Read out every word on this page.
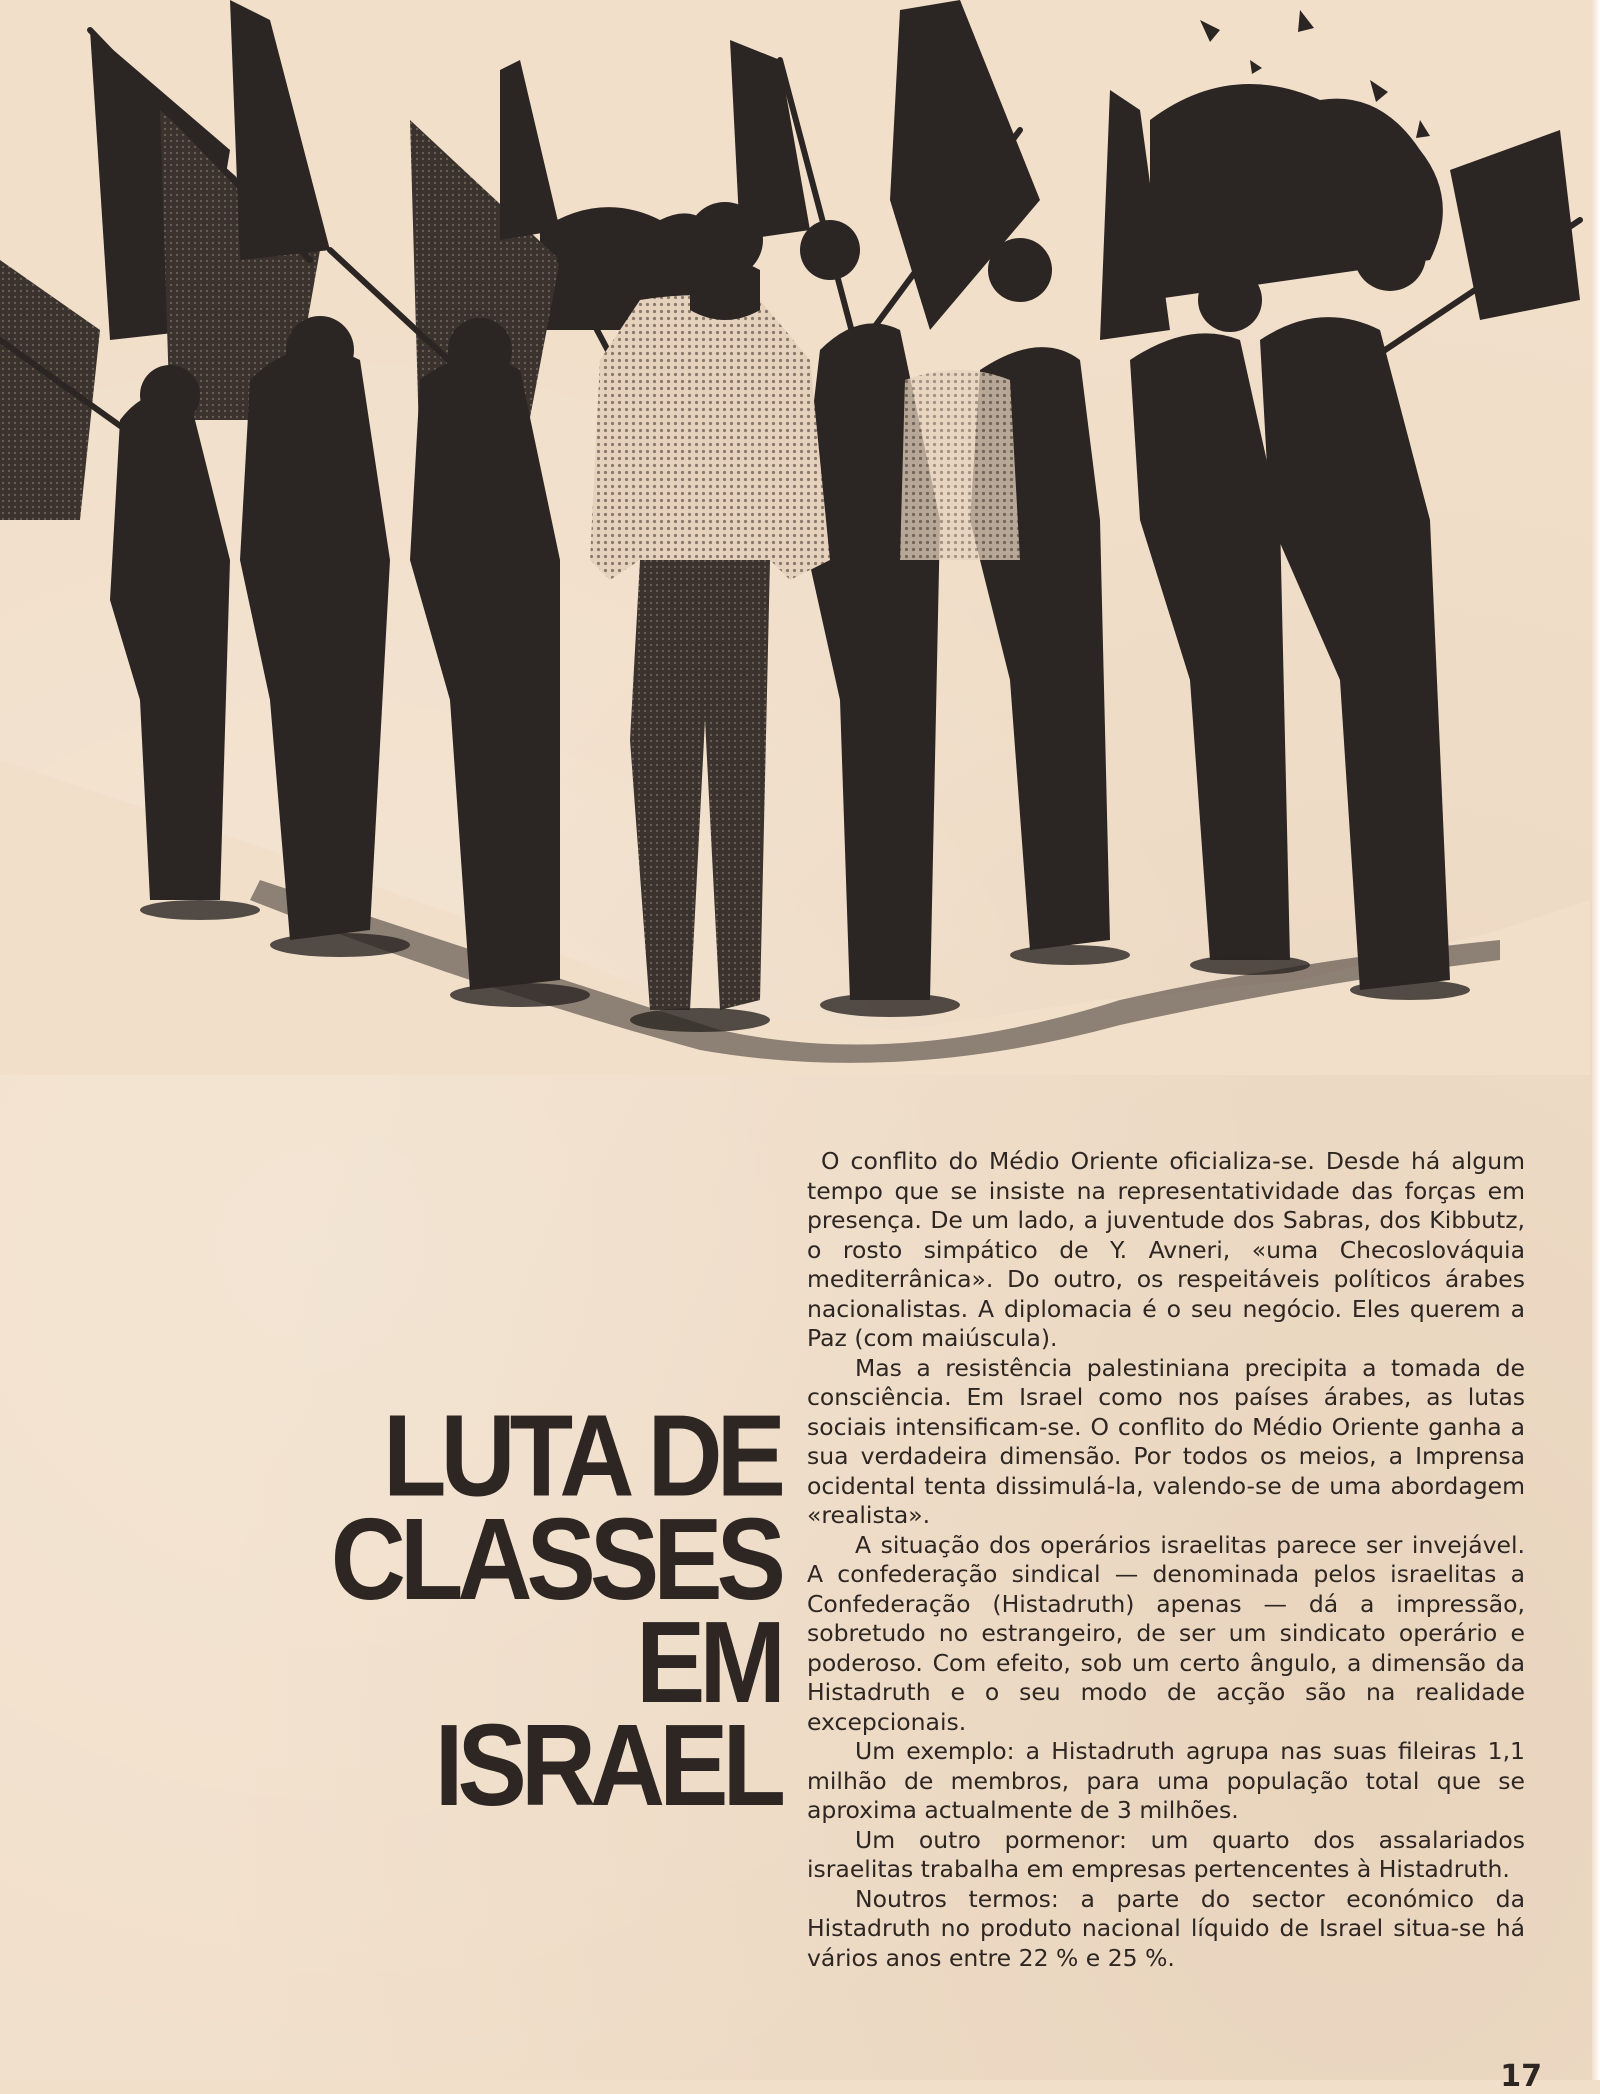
LUTA DE
CLASSES
EM
ISRAEL

O conflito do Médio Oriente oficializa-se. Desde há algum tempo que se insiste na representatividade das forças em presença. De um lado, a juventude dos Sabras, dos Kibbutz, o rosto simpático de Y. Avneri, «uma Checoslováquia mediterrânica». Do outro, os respeitáveis políticos árabes nacionalistas. A diplomacia é o seu negócio. Eles querem a Paz (com maiúscula).

Mas a resistência palestiniana precipita a tomada de consciência. Em Israel como nos países árabes, as lutas sociais intensificam-se. O conflito do Médio Oriente ganha a sua verdadeira dimensão. Por todos os meios, a Imprensa ocidental tenta dissimulá-la, valendo-se de uma abordagem «realista».

A situação dos operários israelitas parece ser invejável. A confederação sindical — denominada pelos israelitas a Confederação (Histadruth) apenas — dá a impressão, sobretudo no estrangeiro, de ser um sindicato operário e poderoso. Com efeito, sob um certo ângulo, a dimensão da Histadruth e o seu modo de acção são na realidade excepcionais.

Um exemplo: a Histadruth agrupa nas suas fileiras 1,1 milhão de membros, para uma população total que se aproxima actualmente de 3 milhões.

Um outro pormenor: um quarto dos assalariados israelitas trabalha em empresas pertencentes à Histadruth.

Noutros termos: a parte do sector económico da Histadruth no produto nacional líquido de Israel situa-se há vários anos entre 22 % e 25 %.

17
